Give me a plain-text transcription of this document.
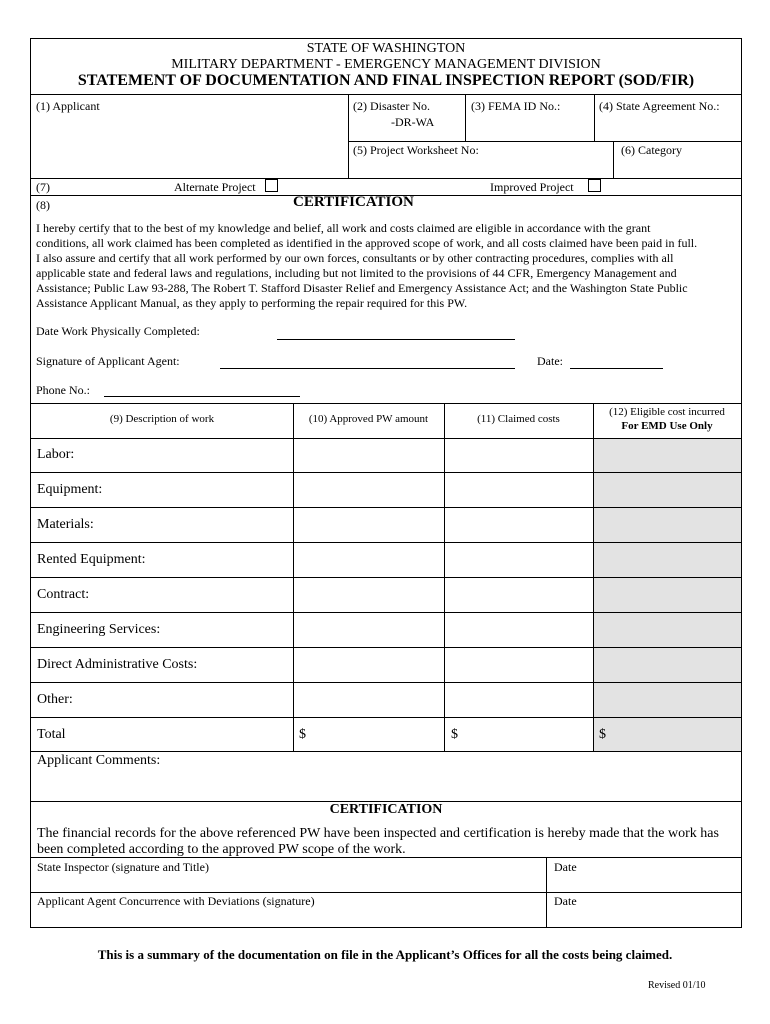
STATE OF WASHINGTON
MILITARY DEPARTMENT - EMERGENCY MANAGEMENT DIVISION
STATEMENT OF DOCUMENTATION AND FINAL INSPECTION REPORT (SOD/FIR)
(1) Applicant	(2) Disaster No.
-DR-WA
(3) FEMA ID No.:	(4) State Agreement No.:
(5) Project Worksheet No:	(6) Category
(7)	Alternate Project	Improved Project
(8)	CERTIFICATION
I hereby certify that to the best of my knowledge and belief, all work and costs claimed are eligible in accordance with the grant
conditions, all work claimed has been completed as identified in the approved scope of work, and all costs claimed have been paid in full.
I also assure and certify that all work performed by our own forces, consultants or by other contracting procedures, complies with all
applicable state and federal laws and regulations, including but not limited to the provisions of 44 CFR, Emergency Management and
Assistance; Public Law 93-288, The Robert T. Stafford Disaster Relief and Emergency Assistance Act; and the Washington State Public
Assistance Applicant Manual, as they apply to performing the repair required for this PW.
Date Work Physically Completed:
Signature of Applicant Agent:	Date:
Phone No.:
(9) Description of work	(10) Approved PW amount	(11) Claimed costs
(12) Eligible cost incurred
For EMD Use Only
Labor:
Equipment:
Materials:
Rented Equipment:
Contract:
Engineering Services:
Direct Administrative Costs:
Other:
Total	$	$	$
Applicant Comments:
CERTIFICATION
The financial records for the above referenced PW have been inspected and certification is hereby made that the work has
been completed according to the approved PW scope of the work.
State Inspector (signature and Title)	Date
Applicant Agent Concurrence with Deviations (signature)	Date
This is a summary of the documentation on file in the Applicant’s Offices for all the costs being claimed.
Revised 01/10
